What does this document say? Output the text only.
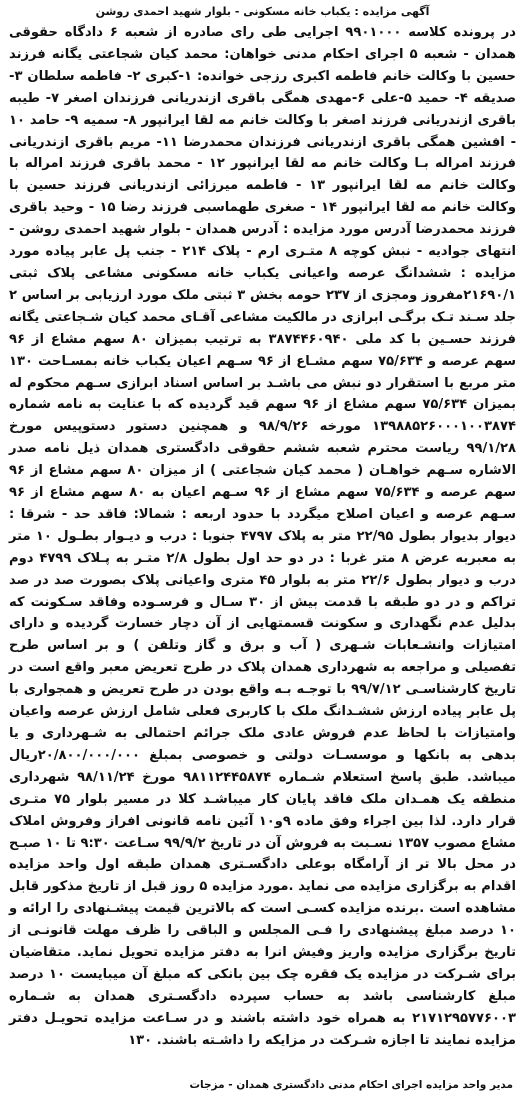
آگهی مزایده : یکباب خانه مسکونی - بلوار شهید احمدی روشن

در پرونده کلاسه ۹۹۰۱۰۰۰ اجرایی طی رای صادره از شعبه ۶ دادگاه حقوقی همدان - شعبه ۵ اجرای احکام مدنی خواهان: محمد کیان شجاعتی یگانه فرزند حسین با وکالت خانم فاطمه اکبری رزجی خوانده: ۱-کبری ۲- فاطمه سلطان ۳-صدیقه ۴- حمید ۵-علی ۶-مهدی همگی باقری ازندریانی فرزندان اصغر ۷- طیبه باقری ازندریانی فرزند اصغر با وکالت خانم مه لقا ایرانپور ۸- سمیه ۹- حامد ۱۰ - افشین همگی باقری ازندریانی فرزندان محمدرضا ۱۱- مریم باقری ازندریانی فرزند امراله بـا وکالت خانم مه لقا ایرانپور ۱۲ - محمد باقری فرزند امراله با وکالت خانم مه لقا ایرانپور ۱۳ - فاطمه میرزائی ازندریانی فرزند حسین با وکالت خانم مه لقا ایرانپور ۱۴ - صغری طهماسبی فرزند رضا ۱۵ - وحید باقری فرزند محمدرضا آدرس مورد مزایده : آدرس همدان - بلوار شهید احمدی روشن - انتهای جوادیه - نبش کوچه ۸ متـری ارم - پلاک ۲۱۴ - جنب پل عابر پیاده مورد مزایده : ششدانگ عرصه واعیانی یکباب خانه مسکونی مشاعی پلاک ثبتی ۲۱۶۹۰/۱مفروز ومجزی از ۲۳۷ حومه بخش ۳ ثبتی ملک مورد ارزیابی بر اساس ۲ جلد سـند تـک برگـی ابرازی در مالکیت مشاعی آقـای محمد کیان شـجاعتی یگانه فرزند حسـین با کد ملی ۳۸۷۴۴۶۰۹۴۰ به ترتیب بمیزان ۸۰ سهم مشاع از ۹۶ سهم عرصه و ۷۵/۶۳۴ سهم مشـاع از ۹۶ سـهم اعیان یکباب خانه بمسـاحت ۱۳۰ متر مربع با استقرار دو نبش می باشـد بر اساس اسناد ابرازی سـهم محکوم له بمیزان ۷۵/۶۳۴ سهم مشاع از ۹۶ سهم قید گردیده که با عنایت به نامه شماره ۱۳۹۸۸۵۲۶۰۰۰۱۰۰۳۸۷۴ مورخه ۹۸/۹/۲۶ و همچنین دستور دستوپیس مورخ ۹۹/۱/۲۸ ریاست محترم شعبه ششم حقوقی دادگستری همدان ذیل نامه صدر الاشاره سـهم خواهـان ( محمد کیان شجاعتی ) از میزان ۸۰ سهم مشاع از ۹۶ سهم عرصه و ۷۵/۶۳۴ سهم مشاع از ۹۶ سـهم اعیان به ۸۰ سهم مشاع از ۹۶ سـهم عرصه و اعیان اصلاح میگردد با حدود اربعه : شمالا: فاقد حد - شرقا : دیوار بدیوار بطول ۲۲/۹۵ متر به پلاک ۴۷۹۷ جنوبا : درب و دیـوار بطـول ۱۰ متر به معبربه عرض ۸ متر غربا : در دو حد اول بطول ۲/۸ متـر به پـلاک ۴۷۹۹ دوم درب و دیوار بطول ۲۲/۶ متر به بلوار ۴۵ متری واعیانی پلاک بصورت صد در صد تراکم و در دو طبقه با قدمت بیش از ۳۰ سـال و فرسـوده وفاقد سـکونت که بدلیل عدم نگهداری و سکونت قسمتهایی از آن دچار خسارت گردیده و دارای امتیازات وانشـعابات شـهری ( آب و برق و گاز وتلفن ) و بر اساس طرح تفصیلی و مراجعه به شهرداری همدان پلاک در طرح تعریض معبر واقع است در تاریخ کارشناسـی ۹۹/۷/۱۲ با توجـه بـه واقع بودن در طرح تعریض و همجواری با پل عابر پیاده ارزش ششـدانگ ملک با کاربری فعلی شامل ارزش عرصه واعیان وامتیازات با لحاظ عدم فروش عادی ملک جرائم احتمالی به شـهرداری و یا بدهی به بانکها و موسسـات دولتی و خصوصی بمبلغ ۲۰/۸۰۰/۰۰۰/۰۰۰ریال میباشد. طبق پاسخ استعلام شـماره ۹۸۱۱۲۴۴۵۸۷۴ مورخ ۹۸/۱۱/۲۴ شهرداری منطقه یک همـدان ملک فاقد پایان کار میباشـد کلا در مسیر بلوار ۷۵ متـری قرار دارد. لذا بین اجراء وفق ماده ۹و۱۰ آئین نامه قانونی افراز وفروش املاک مشاع مصوب ۱۳۵۷ نسـبت به فروش آن در تاریخ ۹۹/۹/۲ سـاعت ۹:۳۰ تا ۱۰ صبـح در محل بالا تر از آرامگاه بوعلی دادگسـتری همدان طبقه اول واحد مزایده اقدام به برگزاری مزایده می نماید .مورد مزایده ۵ روز قبل از تاریخ مذکور قابل مشاهده است .برنده مزایده کسـی است که بالاترین قیمت پیشـنهادی را ارائه و ۱۰ درصد مبلغ پیشنهادی را فـی المجلس و الباقی را ظرف مهلت قانونـی از تاریخ برگزاری مزایده واریز وفیش انرا به دفتر مزایده تحویل نماید. متقاضیان برای شـرکت در مزایده یک فقره چک بین بانکی که مبلغ آن میبایست ۱۰ درصد مبلغ کارشناسی باشد به حساب سپرده دادگسـتری همدان به شـماره ۲۱۷۱۲۹۵۷۷۶۰۰۳ به همراه خود داشته باشند و در سـاعت مزایده تحویـل دفتر مزایده نمایند تا اجازه شـرکت در مزایکه را داشـته باشند. ۱۳۰

مدیر واحد مزایده اجرای احکام مدنی دادگستری همدان - مزجات
